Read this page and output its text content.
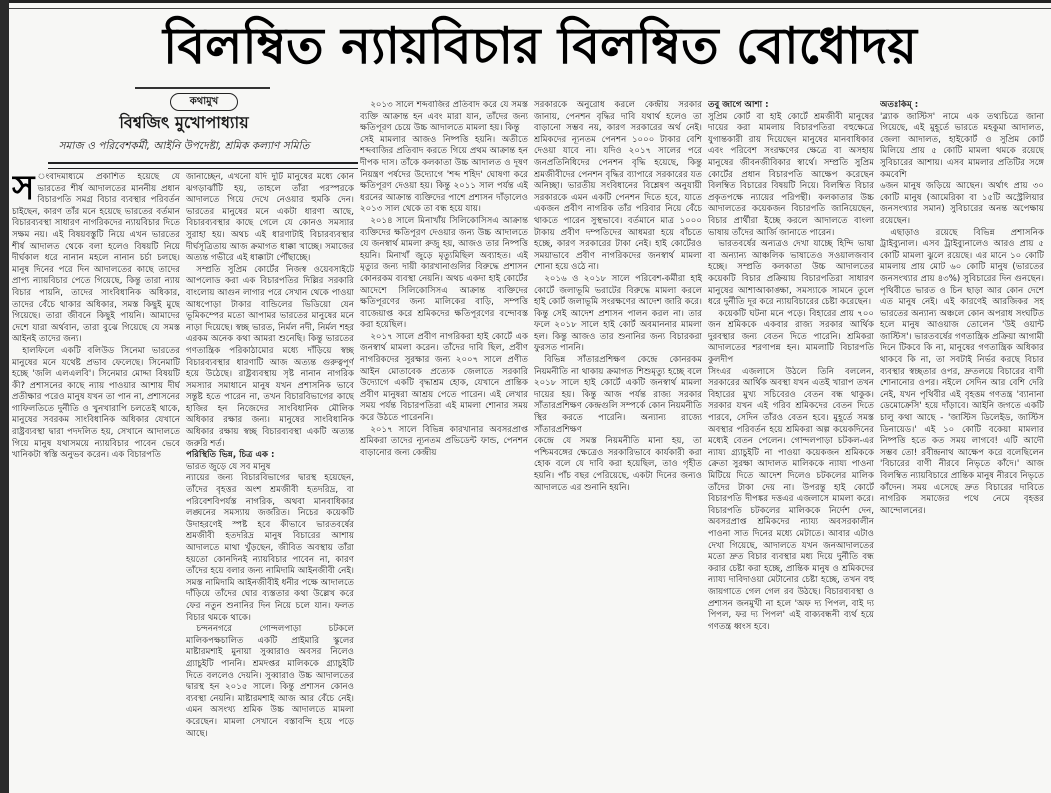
বিলম্বিত ন্যায়বিচার বিলম্বিত বোধোদয়
কথামুখ
বিশ্বজিৎ মুখোপাধ্যায়
সমাজ ও পরিবেশকর্মী, আইনি উপদেষ্টা, শ্রমিক কল্যাণ সমিতি

স ংবাদমাধ্যমে প্রকাশিত হয়েছে যে ভারতের শীর্ষ আদালতের মাননীয় প্রধান বিচারপতি সমগ্র বিচার ব্যবস্থার পরিবর্তন চাইছেন, কারণ তাঁর মনে হয়েছে ভারতের বর্তমান বিচারব্যবস্থা সাধারণ নাগরিকদের ন্যায়বিচার দিতে সক্ষম নয়। এই বিষয়বস্তুটি নিয়ে এখন ভারতের শীর্ষ আদালত থেকে বলা হলেও বিষয়টি নিয়ে দীর্ঘকাল ধরে নানান মহলে নানান চর্চা চলছে। মানুষ দিনের পরে দিন আদালতের কাছে তাদের প্রাপ্য ন্যায়বিচার পেতে গিয়েছে, কিন্তু তারা ন্যায় বিচার পায়নি, তাদের সাংবিধানিক অধিকার, তাদের বেঁচে থাকার অধিকার, সমস্ত কিছুই মুছে গিয়েছে। তারা জীবনে কিছুই পায়নি। আমাদের দেশে যারা অর্থবান, তারা বুঝে গিয়েছে যে সমস্ত আইনই তাদের জন্য।

হালফিলে একটি বলিউড সিনেমা ভারতের মানুষের মনে যথেষ্ট প্রভাব ফেলেছে। সিনেমাটি হচ্ছে 'জলি এলএলবি'। সিনেমার মোদ্দা বিষয়টি কী? প্রশাসনের কাছে ন্যায় পাওয়ার আশায় দীর্ঘ প্রতীক্ষার পরেও মানুষ যখন তা পান না, প্রশাসনের গাফিলতিতে দুর্নীতি ও খুনখারাপি চলতেই থাকে, মানুষের সবরকম সাংবিধানিক অধিকার যেখানে রাষ্ট্রব্যবস্থা দ্বারা পদদলিত হয়, সেখানে আদালতে গিয়ে মানুষ যথাসময়ে ন্যায়বিচার পাবেন ভেবে খানিকটা স্বস্তি অনুভব করেন। এক বিচারপতি

জানাচ্ছেন, এখনো যদি দুটি মানুষের মধ্যে কোন ঝগড়াঝাঁটি হয়, তাহলে তাঁরা পরস্পরকে আদালতে গিয়ে দেখে নেওয়ার হুমকি দেন। ভারতের মানুষের মনে একটা ধারণা আছে, বিচারব্যবস্থার কাছে গেলে যে কোনও সমস্যার সুরাহা হয়। অথচ এই ধারণাটাই বিচারব্যবস্থার দীর্ঘসূত্রিতায় আজ ক্রমাগত ধাক্কা খাচ্ছে। সমাজের অত্যন্ত গভীরে এই ধাক্কাটা পৌঁছাচ্ছে।

সম্প্রতি সুপ্রিম কোর্টের নিজস্ব ওয়েবসাইটে আপলোড করা এক বিচারপতির দিল্লির সরকারি বাংলোয় আগুন লাগার পরে সেখান থেকে পাওয়া আধপোড়া টাকার বান্ডিলের ভিডিয়ো যেন ভূমিকম্পের মতো আপামর ভারতের মানুষের মনে নাড়া দিয়েছে। স্বচ্ছ ভারত, নির্মল নদী, নির্মল শহর এরকম অনেক কথা আমরা শুনেছি। কিন্তু ভারতের গণতান্ত্রিক পরিকাঠামোর মধ্যে দাঁড়িয়ে স্বচ্ছ বিচারব্যবস্থার ধারণাটি আজ অত্যন্ত গুরুত্বপূর্ণ হয়ে উঠেছে। রাষ্ট্রব্যবস্থায় সৃষ্ট নানান নাগরিক সমস্যার সমাধানে মানুষ যখন প্রশাসনিক ভাবে সন্তুষ্ট হতে পারেন না, তখন বিচারবিভাগের কাছে হাজির হন নিজেদের সাংবিধানিক মৌলিক অধিকার রক্ষার জন্য। মানুষের সাংবিধানিক অধিকার রক্ষায় স্বচ্ছ বিচারব্যবস্থা একটি অত্যন্ত জরুরি শর্ত।

পরিস্থিতি ভিন্ন, চিত্র এক :

ভারত জুড়ে যে সব মানুষ

ন্যায়ের জন্য বিচারবিভাগের দ্বারস্থ হয়েছেন, তাঁদের বৃহত্তর অংশ শ্রমজীবী হতদরিদ্র, বা পরিবেশবিপর্যস্ত নাগরিক, অথবা মানবাধিকার লঙ্ঘনের সমস্যায় জর্জরিত। নিচের কয়েকটি উদাহরণেই স্পষ্ট হবে কীভাবে ভারতবর্ষের শ্রমজীবী হতদরিদ্র মানুষ বিচারের আশায় আদালতে মাথা খুঁড়ছেন, জীবিত অবস্থায় তাঁরা হয়তো কোনদিনই ন্যায়বিচার পাবেন না, কারণ তাঁদের হয়ে বলার জন্য নামিদামি আইনজীবী নেই। সমস্ত নামিদামি আইনজীবীই ধনীর পক্ষে আদালতে দাঁড়িয়ে তাঁদের ঘোর ব্যস্ততার কথা উল্লেখ করে ফের নতুন শুনানির দিন নিয়ে চলে যান। ফলত বিচার থমকে থাকে।

চন্দননগরে গোন্দলপাড়া চটকলে মালিকপক্ষচালিত একটি প্রাইমারি স্কুলের মাষ্টারমশাই মুনায়া সুব্বারাও অবসর নিলেও গ্র্যাচুইটি পাননি। শ্রমদপ্তর মালিককে গ্র্যাচুইটি দিতে বললেও দেয়নি। সুব্বারাও উচ্চ আদালতের দ্বারস্থ হন ২০১৫ সালে। কিন্তু প্রশাসন কোনও ব্যবস্থা নেয়নি। মাষ্টারমশাই আজ আর বেঁচে নেই। এমন অসংখ্য শ্রমিক উচ্চ আদালতে মামলা করেছেন। মামলা সেখানে বস্তাবন্দি হয়ে পড়ে আছে।

২০১৩ সালে শব্দবাজির প্রতিবাদ করে যে সমস্ত ব্যক্তি আক্রান্ত হন এবং মারা যান, তাঁদের জন্য ক্ষতিপূরণ চেয়ে উচ্চ আদালতে মামলা হয়। কিন্তু

সেই মামলার আজও নিষ্পত্তি হয়নি। অতীতে শব্দবাজির প্রতিবাদ করতে গিয়ে প্রথম আক্রান্ত হন দীপক দাস। তাঁকে কলকাতা উচ্চ আদালত ও দূষণ নিয়ন্ত্রণ পর্ষদের উদ্যোগে 'শব্দ শহিদ' ঘোষণা করে ক্ষতিপূরণ দেওয়া হয়। কিন্তু ২০১১ সাল পর্যন্ত এই ধরনের আক্রান্ত ব্যক্তিদের পাশে প্রশাসন দাঁড়ালেও ২০১৩ সাল থেকে তা বন্ধ হয়ে যায়।

২০১৪ সালে মিনাখাঁয় সিলিকোসিসএ আক্রান্ত ব্যক্তিদের ক্ষতিপূরণ দেওয়ার জন্য উচ্চ আদালতে যে জনস্বার্থ মামলা রুজু হয়, আজও তার নিষ্পত্তি হয়নি। মিনাখাঁ জুড়ে মৃত্যুমিছিল অব্যাহত। এই মৃত্যুর জন্য দায়ী কারখানাগুলির বিরুদ্ধে প্রশাসন কোনরকম ব্যবস্থা নেয়নি। অথচ একদা হাই কোর্টের আদেশে সিলিকোসিসএ আক্রান্ত ব্যক্তিদের ক্ষতিপূরণের জন্য মালিকের বাড়ি, সম্পত্তি বাজেয়াপ্ত করে শ্রমিকদের ক্ষতিপূরণের বন্দোবস্ত করা হয়েছিল।

২০১৭ সালে প্রবীণ নাগরিকরা হাই কোর্টে এক জনস্বার্থ মামলা করেন। তাঁদের দাবি ছিল, প্রবীণ নাগরিকদের সুরক্ষার জন্য ২০০৭ সালে প্রণীত আইন মোতাবেক প্রত্যেক জেলাতে সরকারি উদ্যোগে একটি বৃদ্ধাশ্রম হোক, যেখানে প্রান্তিক প্রবীণ মানুষরা আশ্রয় পেতে পারেন। এই লেখার সময় পর্যন্ত বিচারপতিরা এই মামলা শোনার সময় করে উঠতে পারেননি।

২০১৭ সালে বিভিন্ন কারখানার অবসরপ্রাপ্ত শ্রমিকরা তাদের ন্যূনতম প্রভিডেন্ট ফান্ড, পেনশন বাড়ানোর জন্য কেন্দ্রীয়

সরকারকে অনুরোধ করলে কেন্দ্রীয় সরকার জানায়, পেনশন বৃদ্ধির দাবি যথার্থ হলেও তা বাড়ানো সম্ভব নয়, কারণ সরকারের অর্থ নেই। শ্রমিকদের ন্যূনতম পেনশন ১০০০ টাকার বেশি দেওয়া যাবে না। যদিও ২০১৭ সালের পরে জনপ্রতিনিধিদের পেনশন বৃদ্ধি হয়েছে, কিন্তু শ্রমজীবীদের পেনশন বৃদ্ধির ব্যাপারে সরকারের যত অনিচ্ছা। ভারতীয় সংবিধানের বিশ্লেষণ অনুযায়ী সরকারকে এমন একটি পেনশন দিতে হবে, যাতে একজন প্রবীণ নাগরিক তাঁর পরিবার নিয়ে বেঁচে থাকতে পারেন সুস্থভাবে। বর্তমানে মাত্র ১০০০ টাকায় প্রবীণ দম্পতিদের আধমরা হয়ে বাঁচতে হচ্ছে, কারণ সরকারের টাকা নেই। হাই কোর্টেরও সময়াভাবে প্রবীণ নাগরিকদের জনস্বার্থ মামলা শোনা হয়ে ওঠে না।

২০১৬ ও ২০১৮ সালে পরিবেশ-কর্মীরা হাই কোর্টে জলাভূমি ভরাটের বিরুদ্ধে মামলা করলে হাই কোর্ট জলাভূমি সংরক্ষণের আদেশ জারি করে। কিন্তু সেই আদেশ প্রশাসন পালন করল না। তার ফলে ২০১৮ সালে হাই কোর্ট অবমাননার মামলা হল। কিন্তু আজও তার শুনানির জন্য বিচারকরা ফুরসত পাননি।

বিভিন্ন সাঁতারপ্রশিক্ষণ কেন্দ্রে কোনরকম নিয়মনীতি না থাকায় ক্রমাগত শিশুমৃত্যু হচ্ছে বলে ২০১৮ সালে হাই কোর্টে একটি জনস্বার্থ মামলা দায়ের হয়। কিন্তু আজ পর্যন্ত রাজ্য সরকার সাঁতারপ্রশিক্ষণ কেন্দ্রগুলি সম্পর্কে কোন নিয়মনীতি স্থির করতে পারেনি। অন্যান্য রাজ্যে সাঁতারপ্রশিক্ষণ

কেন্দ্রে যে সমস্ত নিয়মনীতি মানা হয়, তা পশ্চিমবঙ্গের ক্ষেত্রেও সরকারিভাবে কার্যকারী করা হোক বলে যে দাবি করা হয়েছিল, তাও গৃহীত হয়নি। পাঁচ বছর পেরিয়েছে, একটা দিনের জন্যও আদালতে এর শুনানি হয়নি।

তবু জাগে আশা :

সুপ্রিম কোর্ট বা হাই কোর্টে শ্রমজীবী মানুষের দায়ের করা মামলায় বিচারপতিরা বহুক্ষেত্রে যুগান্তকারী রায় দিয়েছেন মানুষের মানবাধিকার এবং পরিবেশ সংরক্ষণের ক্ষেত্রে বা অসহায় মানুষের জীবনজীবিকার স্বার্থে। সম্প্রতি সুপ্রিম কোর্টের প্রধান বিচারপতি আক্ষেপ করেছেন বিলম্বিত বিচারের বিষয়টি নিয়ে। বিলম্বিত বিচার প্রকৃতপক্ষে ন্যায়ের পরিপন্থী। কলকাতার উচ্চ আদালতের কয়েকজন বিচারপতি জানিয়েছেন, বিচার প্রার্থীরা ইচ্ছে করলে আদালতে বাংলা ভাষায় তাঁদের আর্জি জানাতে পারেন।

ভারতবর্ষের অন্যত্রও দেখা যাচ্ছে হিন্দি ভাষা বা অন্যান্য আঞ্চলিক ভাষাতেও সওয়ালজবাব হচ্ছে। সম্প্রতি কলকাতা উচ্চ আদালতের কয়েকটি বিচার প্রক্রিয়ায় বিচারপতিরা সাধারণ মানুষের আশাআকাঙ্ক্ষা, সমস্যাকে সামনে তুলে ধরে দুর্নীতি দূর করে ন্যায়বিচারের চেষ্টা করেছেন।

কয়েকটি ঘটনা মনে পড়ে। বিহারের প্রায় ৭০০ জন শ্রমিককে একবার রাজ্য সরকার আর্থিক দুরবস্থার জন্য বেতন দিতে পারেনি। শ্রমিকরা আদালতের শরণাপন্ন হন। মামলাটি বিচারপতি কুলদীপ

সিংএর এজলাসে উঠলে তিনি বললেন, সরকারের আর্থিক অবস্থা যখন এতই খারাপ তখন বিহারের মুখ্য সচিবেরও বেতন বন্ধ থাকুক। সরকার যখন এই গরিব শ্রমিকদের বেতন দিতে পারবে, সেদিন তাঁরও বেতন হবে। মুহূর্তে সমস্ত অবস্থার পরিবর্তন হয়ে শ্রমিকরা অল্প কয়েকদিনের মধ্যেই বেতন পেলেন। গোন্দলপাড়া চটকল-এর ন্যায্য গ্র্যাচুইটি না পাওয়া কয়েকজন শ্রমিককে ক্রেতা সুরক্ষা আদালত মালিককে ন্যায্য পাওনা মিটিয়ে দিতে আদেশ দিলেও চটকলের মালিক তাঁদের টাকা দেয় না। উপরন্তু হাই কোর্টে বিচারপতি দীপঙ্কর দত্তএর এজলাসে মামলা করে। বিচারপতি চটকলের মালিককে নির্দেশ দেন, অবসরপ্রাপ্ত শ্রমিকদের ন্যায্য অবসরকালীন পাওনা সাত দিনের মধ্যে মেটাতে। আবার এটাও দেখা গিয়েছে, আদালতে যখন জনআদালতের মতো দ্রুত বিচার ব্যবস্থার মধ্য দিয়ে দুর্নীতি বন্ধ করার চেষ্টা করা হচ্ছে, প্রান্তিক মানুষ ও শ্রমিকদের ন্যায্য দাবিদাওয়া মেটানোর চেষ্টা হচ্ছে, তখন বহু জায়গাতে গেল গেল রব উঠছে। বিচারব্যবস্থা ও প্রশাসন জনমুখী না হলে 'অফ দ্য পিপল, বাই দ্য পিপল, ফর দ্য পিপল' এই বাক্যবন্ধনী ব্যর্থ হয়ে গণতন্ত্র ধ্বংস হবে।

অতঃকিম্ :

'ব্ল্যাক জাস্টিস' নামে এক তথ্যচিত্রে জানা গিয়েছে, এই মুহূর্তে ভারতে মহকুমা আদালত, জেলা আদালত, হাইকোর্ট ও সুপ্রিম কোর্ট মিলিয়ে প্রায় ৫ কোটি মামলা থমকে রয়েছে সুবিচারের আশায়। এসব মামলার প্রতিটির সঙ্গে কমবেশি

৬জন মানুষ জড়িয়ে আছেন। অর্থাৎ প্রায় ৩০ কোটি মানুষ (আমেরিকা বা ১৫টি অস্ট্রেলিয়ার জনসংখ্যার সমান) সুবিচারের অনন্ত অপেক্ষায় রয়েছেন।

এছাড়াও রয়েছে বিভিন্ন প্রশাসনিক ট্রাইব্যুনাল। এসব ট্রাইব্যুনালেও আরও প্রায় ৫ কোটি মামলা ঝুলে রয়েছে। এর মানে ১০ কোটি মামলায় প্রায় মোট ৬০ কোটি মানুষ (ভারতের জনসংখ্যার প্রায় ৪৩%) সুবিচারের দিন গুনছেন। পৃথিবীতে ভারত ও চিন ছাড়া আর কোন দেশে এত মানুষ নেই। এই কারণেই আরজিকর সহ ভারতের অন্যান্য অঞ্চলে কোন অপরাধ সংঘটিত হলে মানুষ আওয়াজ তোলেন 'উই ওয়ান্ট জাস্টিস'। ভারতবর্ষের গণতান্ত্রিক প্রক্রিয়া আগামী দিনে টিকবে কি না, মানুষের গণতান্ত্রিক অধিকার থাকবে কি না, তা সবটাই নির্ভর করছে বিচার ব্যবস্থার স্বচ্ছতার ওপর, দ্রুতলয়ে বিচারের বাণী শোনানোর ওপর। নইলে সেদিন আর বেশি দেরি নেই, যখন পৃথিবীর এই বৃহত্তম গণতন্ত্র 'ব্যানানা ডেমোক্রেসি' হয়ে দাঁড়াবে। আইনি জগতে একটি চালু কথা আছে - 'জাস্টিস ডিলেইড, জাস্টিস ডিনায়েড।' এই ১০ কোটি বকেয়া মামলার নিষ্পত্তি হতে কত সময় লাগবে! এটি আদৌ সম্ভব তো! রবীন্দ্রনাথ আক্ষেপ করে বলেছিলেন 'বিচারের বাণী নীরবে নিভৃতে কাঁদে।' আজ বিলম্বিত ন্যায়বিচারে প্রান্তিক মানুষ নীরবে নিভৃতে কাঁদেন। সময় এসেছে দ্রুত বিচারের দাবিতে নাগরিক সমাজের পথে নেমে বৃহত্তর আন্দোলনের।
